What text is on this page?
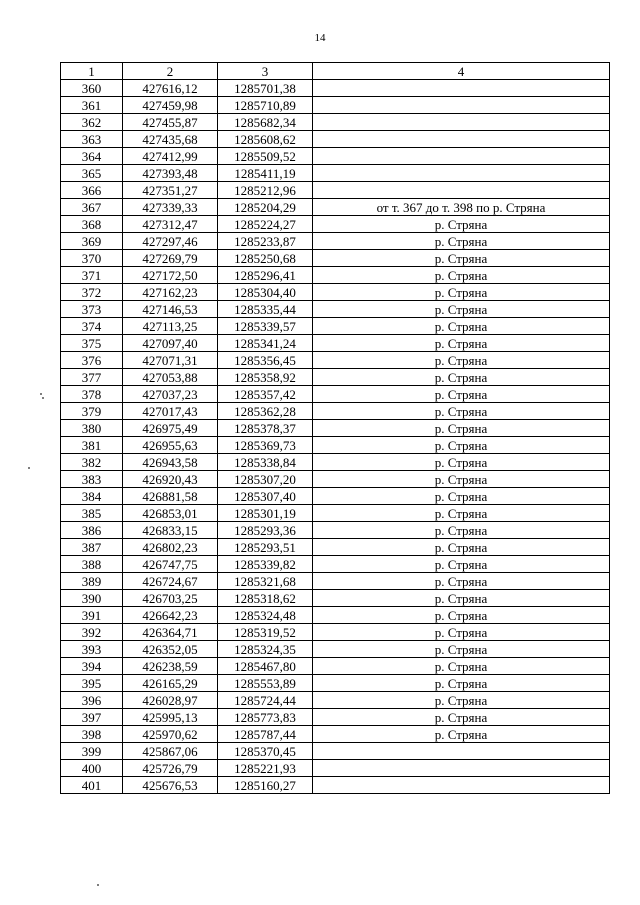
14
1	2	3	4
360	427616,12	1285701,38	
361	427459,98	1285710,89	
362	427455,87	1285682,34	
363	427435,68	1285608,62	
364	427412,99	1285509,52	
365	427393,48	1285411,19	
366	427351,27	1285212,96	
367	427339,33	1285204,29	от т. 367 до т. 398 по р. Стряна
368	427312,47	1285224,27	р. Стряна
369	427297,46	1285233,87	р. Стряна
370	427269,79	1285250,68	р. Стряна
371	427172,50	1285296,41	р. Стряна
372	427162,23	1285304,40	р. Стряна
373	427146,53	1285335,44	р. Стряна
374	427113,25	1285339,57	р. Стряна
375	427097,40	1285341,24	р. Стряна
376	427071,31	1285356,45	р. Стряна
377	427053,88	1285358,92	р. Стряна
378	427037,23	1285357,42	р. Стряна
379	427017,43	1285362,28	р. Стряна
380	426975,49	1285378,37	р. Стряна
381	426955,63	1285369,73	р. Стряна
382	426943,58	1285338,84	р. Стряна
383	426920,43	1285307,20	р. Стряна
384	426881,58	1285307,40	р. Стряна
385	426853,01	1285301,19	р. Стряна
386	426833,15	1285293,36	р. Стряна
387	426802,23	1285293,51	р. Стряна
388	426747,75	1285339,82	р. Стряна
389	426724,67	1285321,68	р. Стряна
390	426703,25	1285318,62	р. Стряна
391	426642,23	1285324,48	р. Стряна
392	426364,71	1285319,52	р. Стряна
393	426352,05	1285324,35	р. Стряна
394	426238,59	1285467,80	р. Стряна
395	426165,29	1285553,89	р. Стряна
396	426028,97	1285724,44	р. Стряна
397	425995,13	1285773,83	р. Стряна
398	425970,62	1285787,44	р. Стряна
399	425867,06	1285370,45	
400	425726,79	1285221,93	
401	425676,53	1285160,27	
